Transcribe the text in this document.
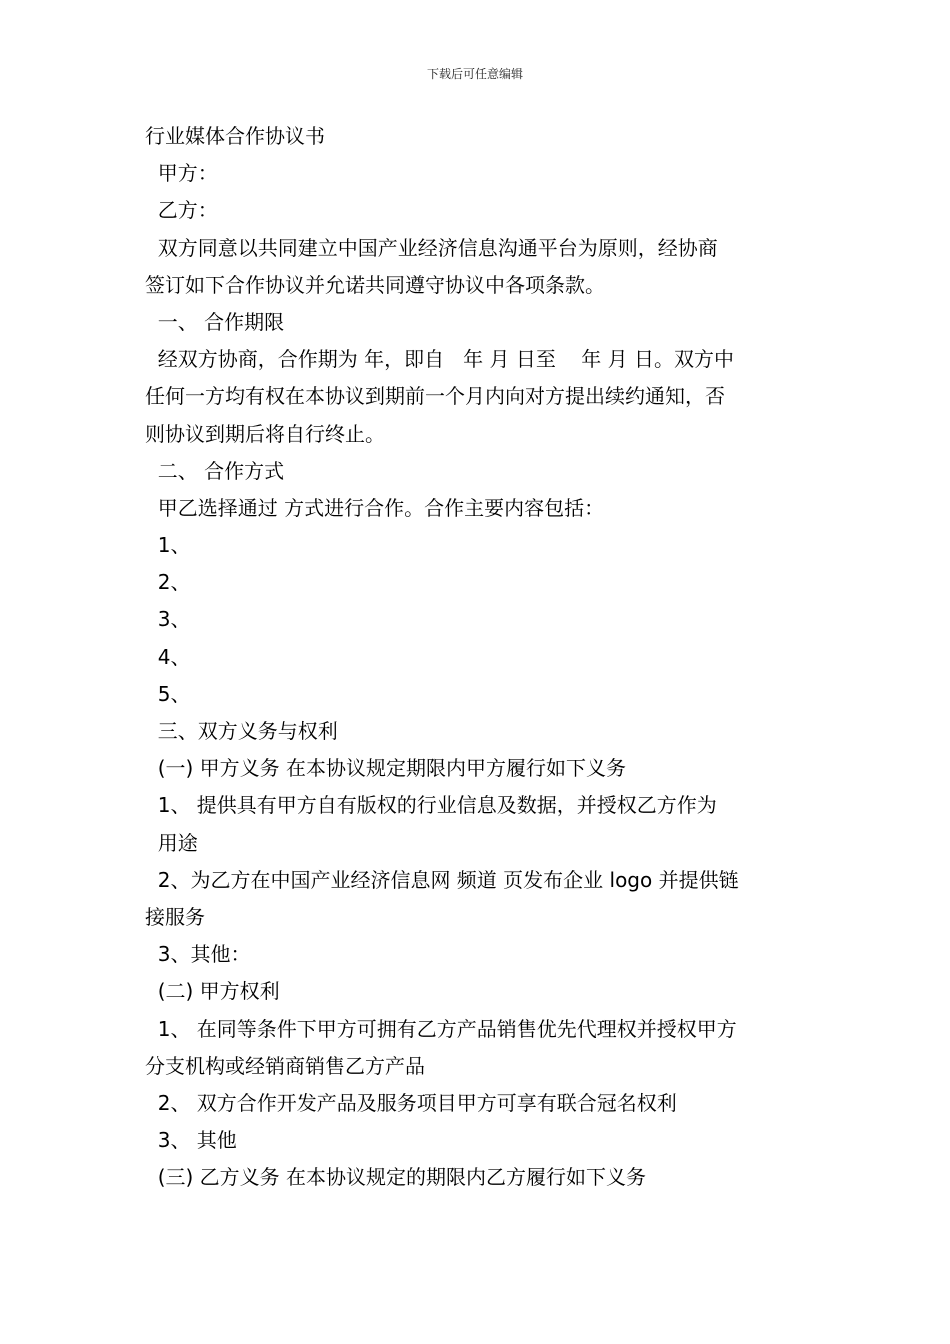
下载后可任意编辑
行业媒体合作协议书
甲方：
乙方：
双方同意以共同建立中国产业经济信息沟通平台为原则，经协商
签订如下合作协议并允诺共同遵守协议中各项条款。
一、 合作期限
经双方协商，合作期为 年，即自   年 月 日至    年 月 日。双方中
任何一方均有权在本协议到期前一个月内向对方提出续约通知，否
则协议到期后将自行终止。
二、 合作方式
甲乙选择通过 方式进行合作。合作主要内容包括：
1、
2、
3、
4、
5、
三、双方义务与权利
(一) 甲方义务 在本协议规定期限内甲方履行如下义务
1、 提供具有甲方自有版权的行业信息及数据，并授权乙方作为
用途
2、为乙方在中国产业经济信息网 频道 页发布企业 logo 并提供链
接服务
3、其他：
(二) 甲方权利
1、 在同等条件下甲方可拥有乙方产品销售优先代理权并授权甲方
分支机构或经销商销售乙方产品
2、 双方合作开发产品及服务项目甲方可享有联合冠名权利
3、 其他
(三) 乙方义务 在本协议规定的期限内乙方履行如下义务
